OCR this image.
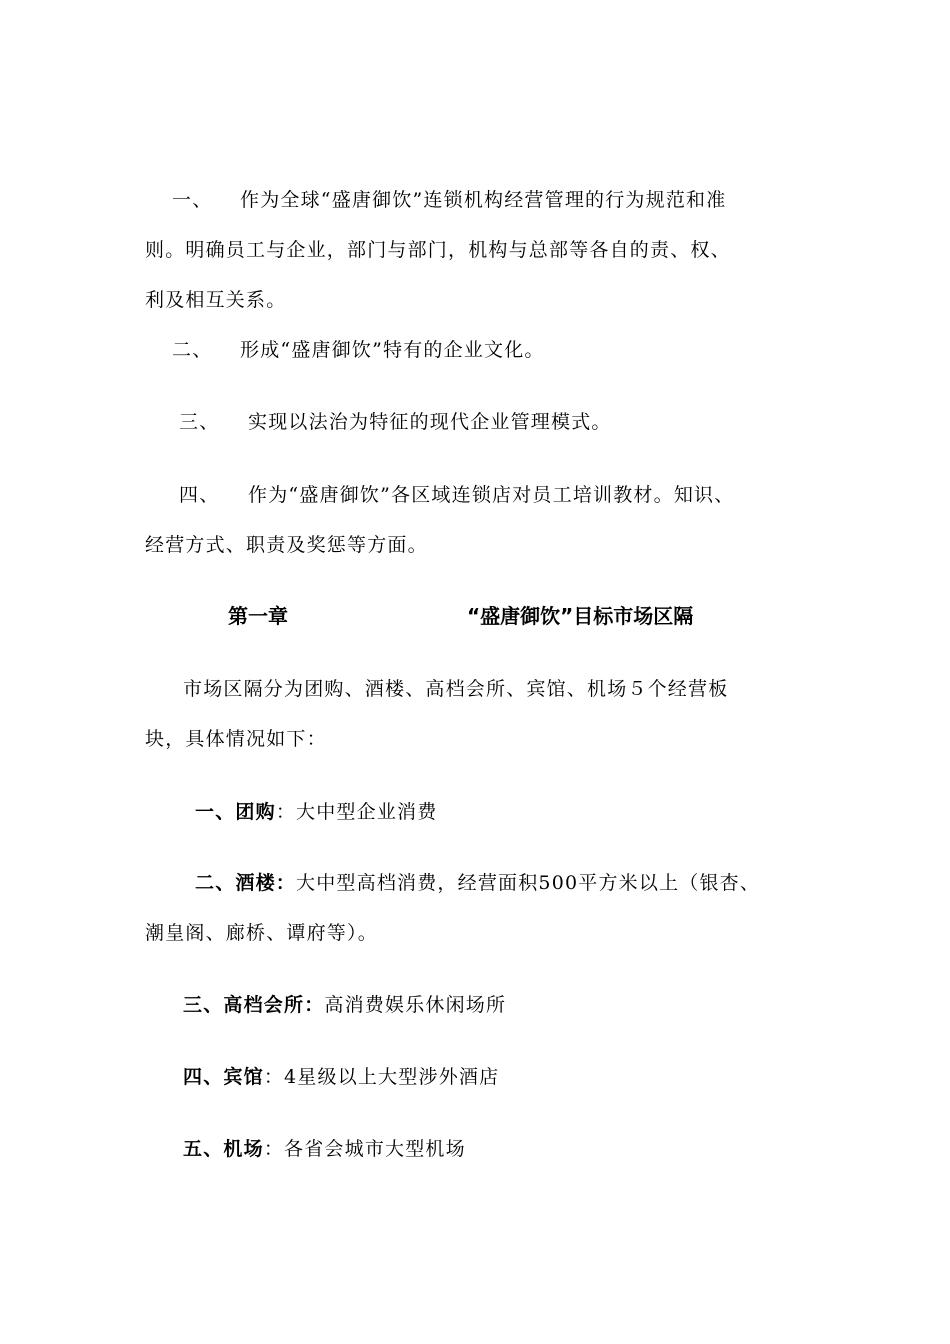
一、 作为全球“盛唐御饮”连锁机构经营管理的行为规范和准
则。明确员工与企业，部门与部门，机构与总部等各自的责、权、
利及相互关系。
二、 形成“盛唐御饮”特有的企业文化。
三、 实现以法治为特征的现代企业管理模式。
四、 作为“盛唐御饮”各区域连锁店对员工培训教材。知识、
经营方式、职责及奖惩等方面。
第一章	“盛唐御饮”目标市场区隔
市场区隔分为团购、酒楼、高档会所、宾馆、机场５个经营板
块，具体情况如下：
一、团购：大中型企业消费
二、酒楼：大中型高档消费，经营面积500平方米以上（银杏、
潮皇阁、廊桥、谭府等）。
三、高档会所：高消费娱乐休闲场所
四、宾馆：4星级以上大型涉外酒店
五、机场：各省会城市大型机场
